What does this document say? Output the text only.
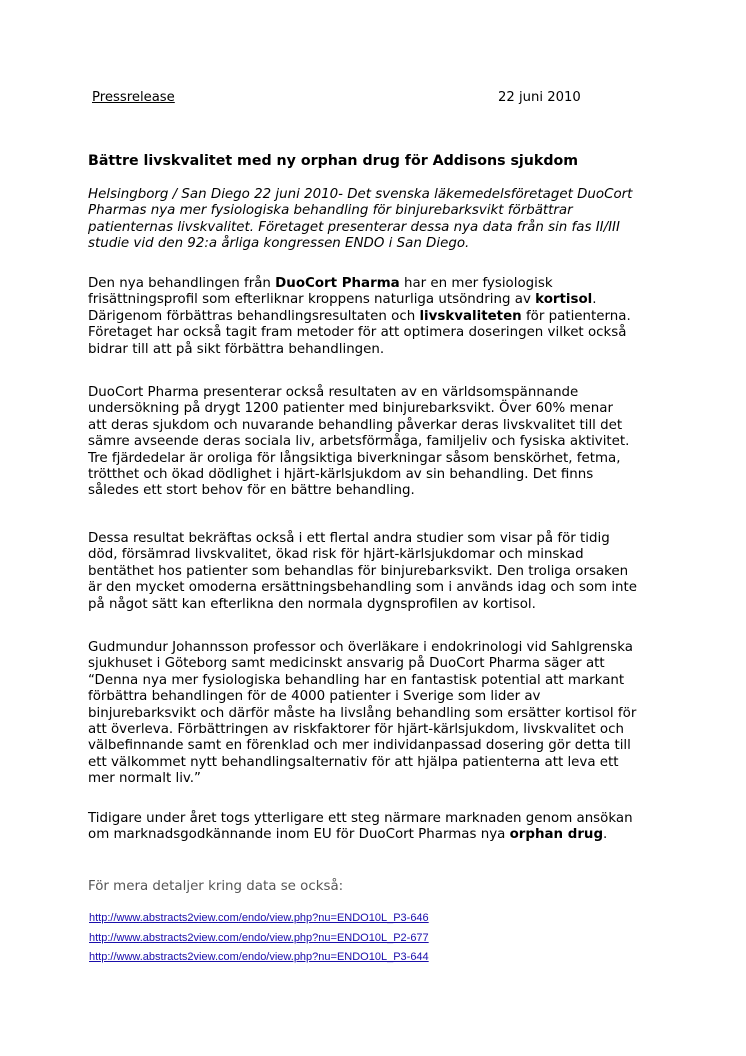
Pressrelease	22 juni 2010
Bättre livskvalitet med ny orphan drug för Addisons sjukdom
Helsingborg / San Diego 22 juni 2010- Det svenska läkemedelsföretaget DuoCort
Pharmas nya mer fysiologiska behandling för binjurebarksvikt förbättrar
patienternas livskvalitet. Företaget presenterar dessa nya data från sin fas II/III
studie vid den 92:a årliga kongressen ENDO i San Diego.
Den nya behandlingen från DuoCort Pharma har en mer fysiologisk
frisättningsprofil som efterliknar kroppens naturliga utsöndring av kortisol.
Därigenom förbättras behandlingsresultaten och livskvaliteten för patienterna.
Företaget har också tagit fram metoder för att optimera doseringen vilket också
bidrar till att på sikt förbättra behandlingen.
DuoCort Pharma presenterar också resultaten av en världsomspännande
undersökning på drygt 1200 patienter med binjurebarksvikt. Över 60% menar
att deras sjukdom och nuvarande behandling påverkar deras livskvalitet till det
sämre avseende deras sociala liv, arbetsförmåga, familjeliv och fysiska aktivitet.
Tre fjärdedelar är oroliga för långsiktiga biverkningar såsom benskörhet, fetma,
trötthet och ökad dödlighet i hjärt-kärlsjukdom av sin behandling. Det finns
således ett stort behov för en bättre behandling.
Dessa resultat bekräftas också i ett flertal andra studier som visar på för tidig
död, försämrad livskvalitet, ökad risk för hjärt-kärlsjukdomar och minskad
bentäthet hos patienter som behandlas för binjurebarksvikt. Den troliga orsaken
är den mycket omoderna ersättningsbehandling som i används idag och som inte
på något sätt kan efterlikna den normala dygnsprofilen av kortisol.
Gudmundur Johannsson professor och överläkare i endokrinologi vid Sahlgrenska
sjukhuset i Göteborg samt medicinskt ansvarig på DuoCort Pharma säger att
“Denna nya mer fysiologiska behandling har en fantastisk potential att markant
förbättra behandlingen för de 4000 patienter i Sverige som lider av
binjurebarksvikt och därför måste ha livslång behandling som ersätter kortisol för
att överleva. Förbättringen av riskfaktorer för hjärt-kärlsjukdom, livskvalitet och
välbefinnande samt en förenklad och mer individanpassad dosering gör detta till
ett välkommet nytt behandlingsalternativ för att hjälpa patienterna att leva ett
mer normalt liv.”
Tidigare under året togs ytterligare ett steg närmare marknaden genom ansökan
om marknadsgodkännande inom EU för DuoCort Pharmas nya orphan drug.
För mera detaljer kring data se också:
http://www.abstracts2view.com/endo/view.php?nu=ENDO10L_P3-646
http://www.abstracts2view.com/endo/view.php?nu=ENDO10L_P2-677
http://www.abstracts2view.com/endo/view.php?nu=ENDO10L_P3-644
